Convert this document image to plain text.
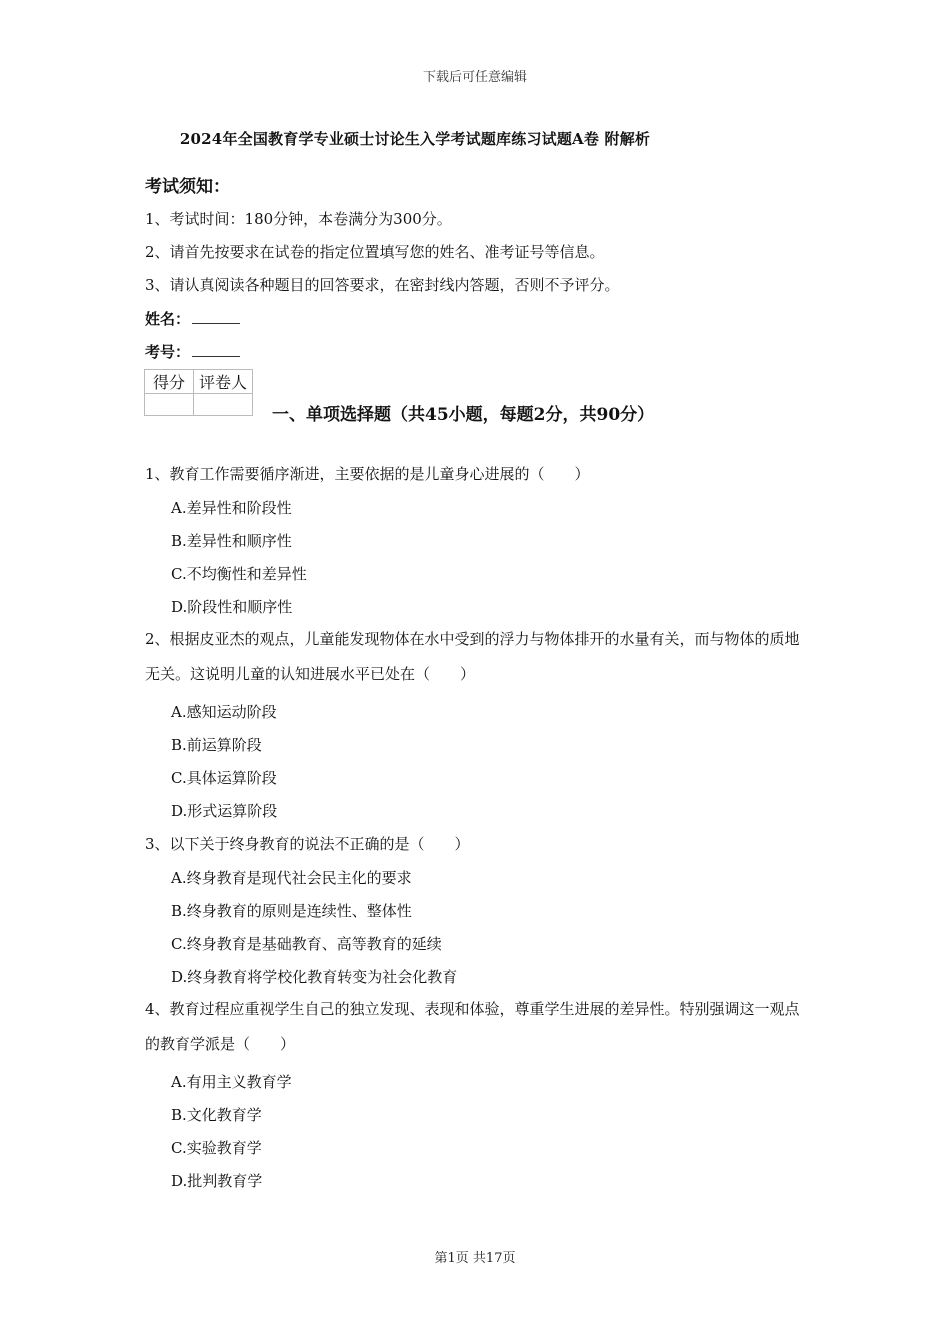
下载后可任意编辑
2024年全国教育学专业硕士讨论生入学考试题库练习试题A卷 附解析
考试须知：
1、考试时间：180分钟，本卷满分为300分。
2、请首先按要求在试卷的指定位置填写您的姓名、准考证号等信息。
3、请认真阅读各种题目的回答要求，在密封线内答题，否则不予评分。
姓名：
考号：
得分	评卷人

一、单项选择题（共45小题，每题2分，共90分）
1、教育工作需要循序渐进，主要依据的是儿童身心进展的（　　）
A.差异性和阶段性
B.差异性和顺序性
C.不均衡性和差异性
D.阶段性和顺序性
2、根据皮亚杰的观点，儿童能发现物体在水中受到的浮力与物体排开的水量有关，而与物体的质地无关。这说明儿童的认知进展水平已处在（　　）
A.感知运动阶段
B.前运算阶段
C.具体运算阶段
D.形式运算阶段
3、以下关于终身教育的说法不正确的是（　　）
A.终身教育是现代社会民主化的要求
B.终身教育的原则是连续性、整体性
C.终身教育是基础教育、高等教育的延续
D.终身教育将学校化教育转变为社会化教育
4、教育过程应重视学生自己的独立发现、表现和体验，尊重学生进展的差异性。特别强调这一观点的教育学派是（　　）
A.有用主义教育学
B.文化教育学
C.实验教育学
D.批判教育学
第1页 共17页
